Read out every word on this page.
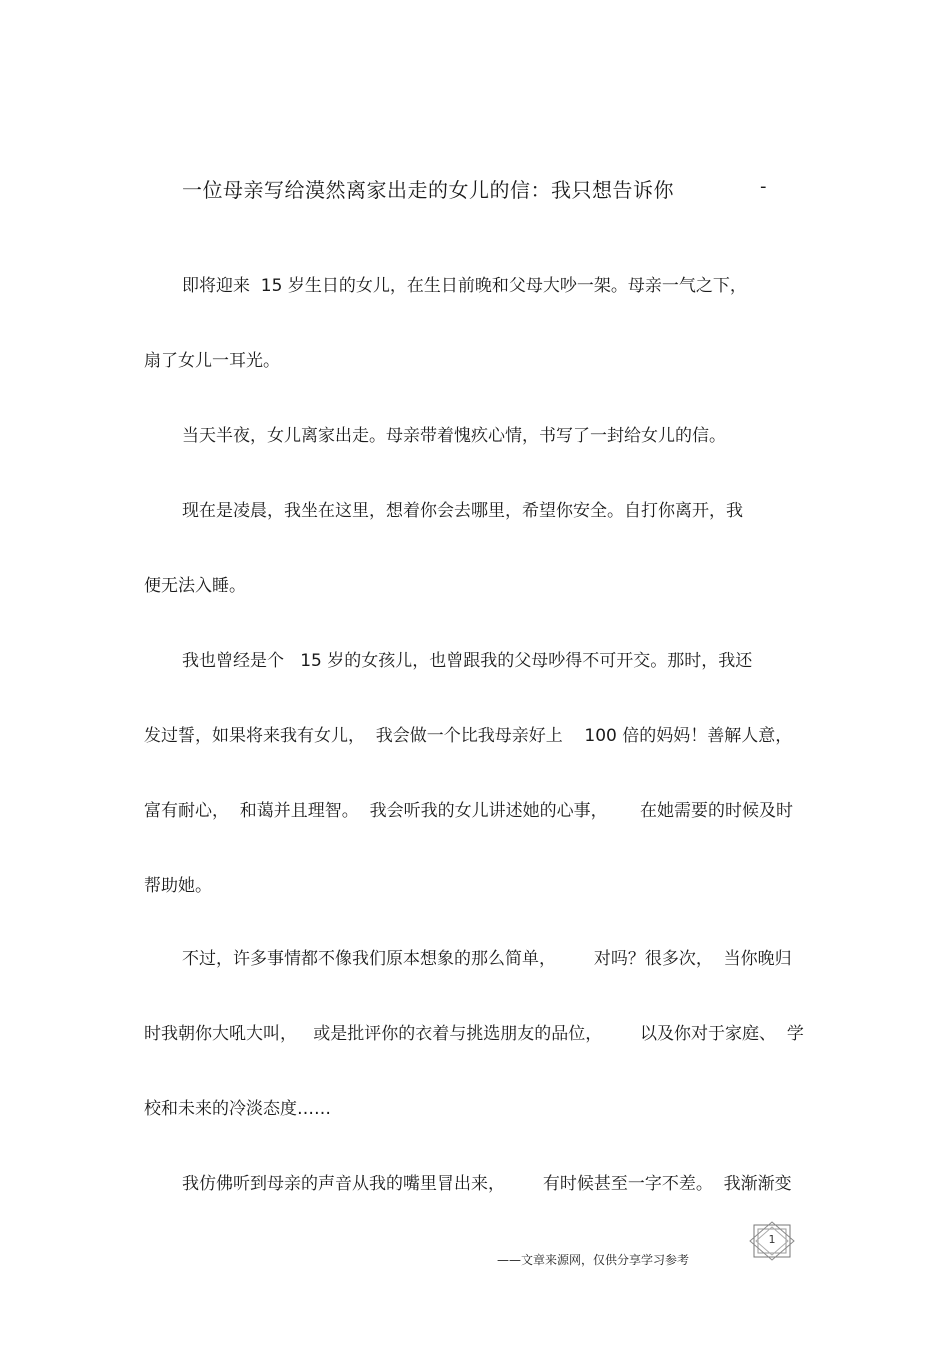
一位母亲写给漠然离家出走的女儿的信：我只想告诉你	-
即将迎来  15 岁生日的女儿，在生日前晚和父母大吵一架。母亲一气之下，
扇了女儿一耳光。
当天半夜，女儿离家出走。母亲带着愧疚心情，书写了一封给女儿的信。
现在是凌晨，我坐在这里，想着你会去哪里，希望你安全。自打你离开，我
便无法入睡。
我也曾经是个   15 岁的女孩儿，也曾跟我的父母吵得不可开交。那时，我还
发过誓，如果将来我有女儿，  我会做一个比我母亲好上    100 倍的妈妈！善解人意，
富有耐心，  和蔼并且理智。  我会听我的女儿讲述她的心事，      在她需要的时候及时
帮助她。
不过，许多事情都不像我们原本想象的那么简单，       对吗？很多次，  当你晚归
时我朝你大吼大叫，   或是批评你的衣着与挑选朋友的品位，       以及你对于家庭、  学
校和未来的冷淡态度……
我仿佛听到母亲的声音从我的嘴里冒出来，       有时候甚至一字不差。  我渐渐变
1
——文章来源网，仅供分享学习参考
